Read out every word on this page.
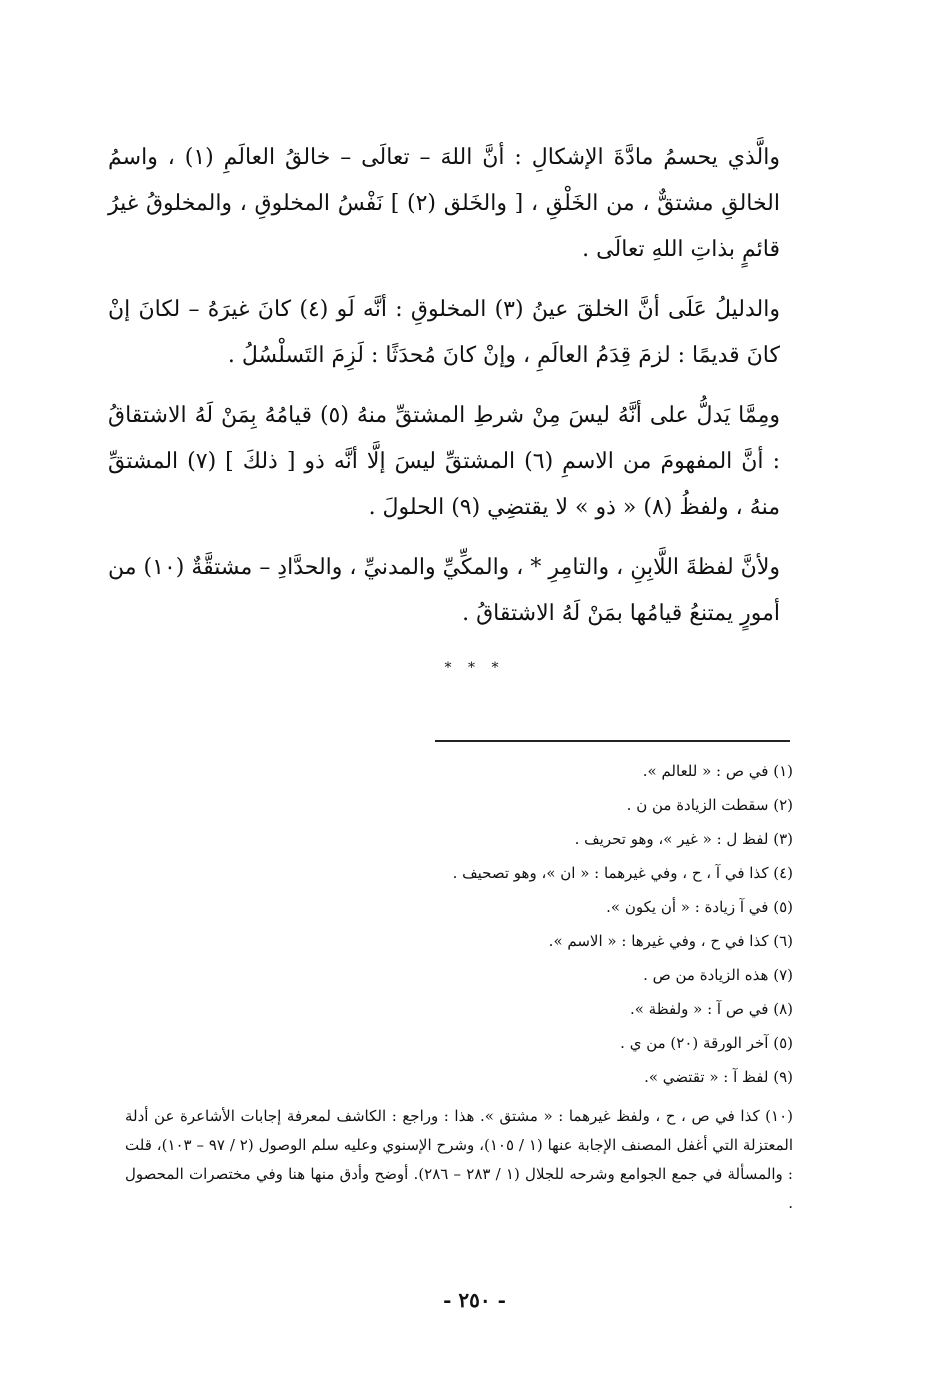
والَّذي يحسمُ مادَّةَ الإشكالِ : أنَّ اللهَ – تعالَى – خالقُ العالَمِ (١) ، واسمُ الخالقِ مشتقٌّ ، من الخَلْقِ ، [ والخَلق (٢) ] نَفْسُ المخلوقِ ، والمخلوقُ غيرُ قائمٍ بذاتِ اللهِ تعالَى .

والدليلُ عَلَى أنَّ الخلقَ عينُ (٣) المخلوقِ : أنَّه لَو (٤) كانَ غيرَهُ – لكانَ إنْ كانَ قديمًا : لزمَ قِدَمُ العالَمِ ، وإنْ كانَ مُحدَثًا : لَزِمَ التَسلْسُلُ .

ومِمَّا يَدلُّ على أنَّهُ ليسَ مِنْ شرطِ المشتقِّ منهُ (٥) قيامُهُ بِمَنْ لَهُ الاشتقاقُ : أنَّ المفهومَ من الاسمِ (٦) المشتقِّ ليسَ إلَّا أنَّه ذو [ ذلكَ ] (٧) المشتقِّ منهُ ، ولفظُ (٨) « ذو » لا يقتضِي (٩) الحلولَ .

ولأنَّ لفظةَ اللَّابِنِ ، والتامِرِ * ، والمكِّيِّ والمدنيِّ ، والحدَّادِ – مشتقَّةٌ (١٠) من أمورٍ يمتنعُ قيامُها بمَنْ لَهُ الاشتقاقُ .

* * *

(١) في ص : « للعالم ».

(٢) سقطت الزيادة من ن .

(٣) لفظ ل : « غير »، وهو تحريف .

(٤) كذا في آ ، ح ، وفي غيرهما : « ان »، وهو تصحيف .

(٥) في آ زيادة : « أن يكون ».

(٦) كذا في ح ، وفي غيرها : « الاسم ».

(٧) هذه الزيادة من ص .

(٨) في ص آ : « ولفظة ».

(٥) آخر الورقة (٢٠) من ي .

(٩) لفظ آ : « تقتضي ».

(١٠) كذا في ص ، ح ، ولفظ غيرهما : « مشتق ». هذا : وراجع : الكاشف لمعرفة إجابات الأشاعرة عن أدلة المعتزلة التي أغفل المصنف الإجابة عنها (١ / ١٠٥)، وشرح الإسنوي وعليه سلم الوصول (٢ / ٩٧ – ١٠٣)، قلت : والمسألة في جمع الجوامع وشرحه للجلال (١ / ٢٨٣ – ٢٨٦). أوضح وأدق منها هنا وفي مختصرات المحصول .

- ٢٥٠ -
